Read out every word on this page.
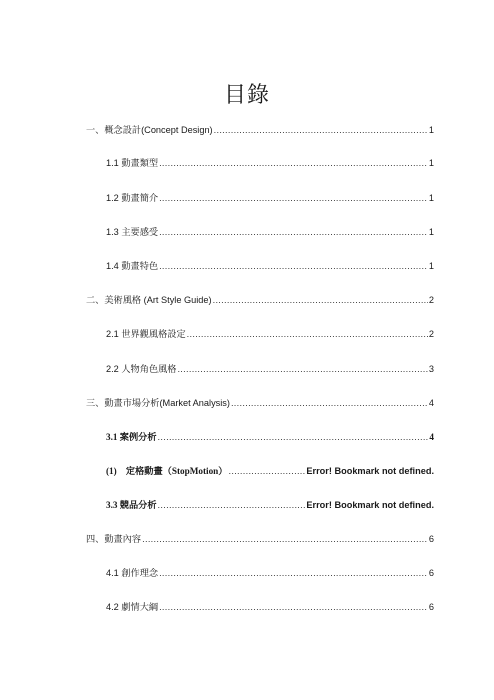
目錄
一、概念設計(Concept Design) .....	1
1.1 動畫類型 .....	1
1.2 動畫簡介 .....	1
1.3 主要感受 .....	1
1.4 動畫特色 .....	1
二、美術風格 (Art Style Guide) .....	2
2.1 世界觀風格設定 .....	2
2.2 人物角色風格 .....	3
三、動畫市場分析(Market Analysis) .....	4
3.1 案例分析 .....	4
(1)　定格動畫（StopMotion） .....	Error! Bookmark not defined.
3.3 競品分析 .....	Error! Bookmark not defined.
四、動畫內容 .....	6
4.1 創作理念 .....	6
4.2 劇情大綱 .....	6
